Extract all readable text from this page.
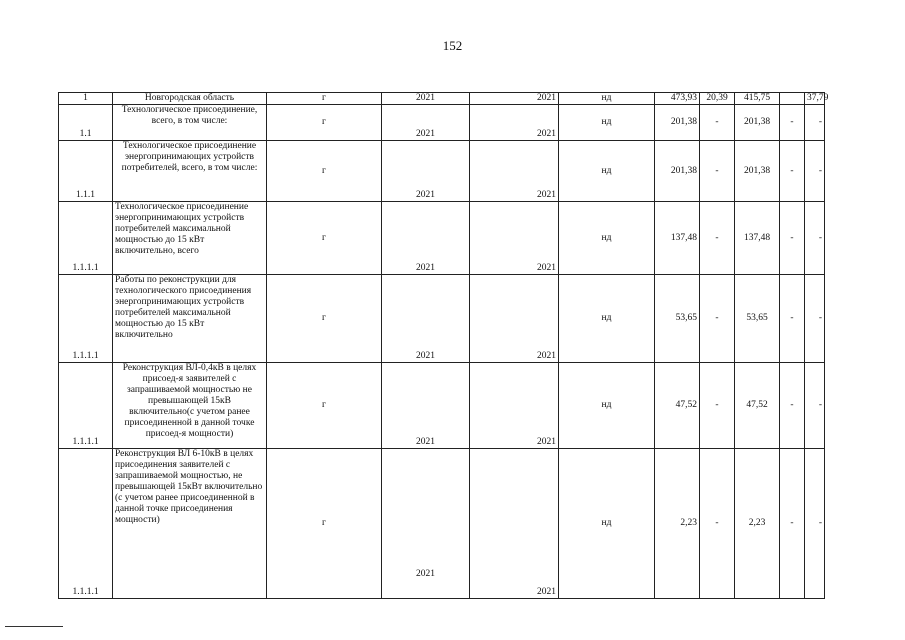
152
1	Новгородская область	г	2021	2021	нд	473,93	20,39	415,75		37,79
1.1	Технологическое присоединение, всего, в том числе:	г	2021	2021	нд	201,38	-	201,38	-	-
1.1.1	Технологическое присоединение энергопринимающих устройств потребителей, всего, в том числе:	г	2021	2021	нд	201,38	-	201,38	-	-
1.1.1.1	Технологическое присоединение энергопринимающих устройств потребителей максимальной мощностью до 15 кВт включительно, всего	г	2021	2021	нд	137,48	-	137,48	-	-
1.1.1.1	Работы по реконструкции для технологического присоединения энергопринимающих устройств потребителей максимальной мощностью до 15 кВт включительно	г	2021	2021	нд	53,65	-	53,65	-	-
1.1.1.1	Реконструкция ВЛ-0,4кВ в целях присоед-я заявителей с запрашиваемой мощностью не превышающей 15кВ включительно(с учетом ранее присоединенной в данной точке присоед-я мощности)	г	2021	2021	нд	47,52	-	47,52	-	-
1.1.1.1	Реконструкция ВЛ 6-10кВ в целях присоединения заявителей с запрашиваемой мощностью, не превышающей 15кВт включительно (с учетом ранее присоединенной в данной точке присоединения мощности)	г	2021	2021	нд	2,23	-	2,23	-	-
